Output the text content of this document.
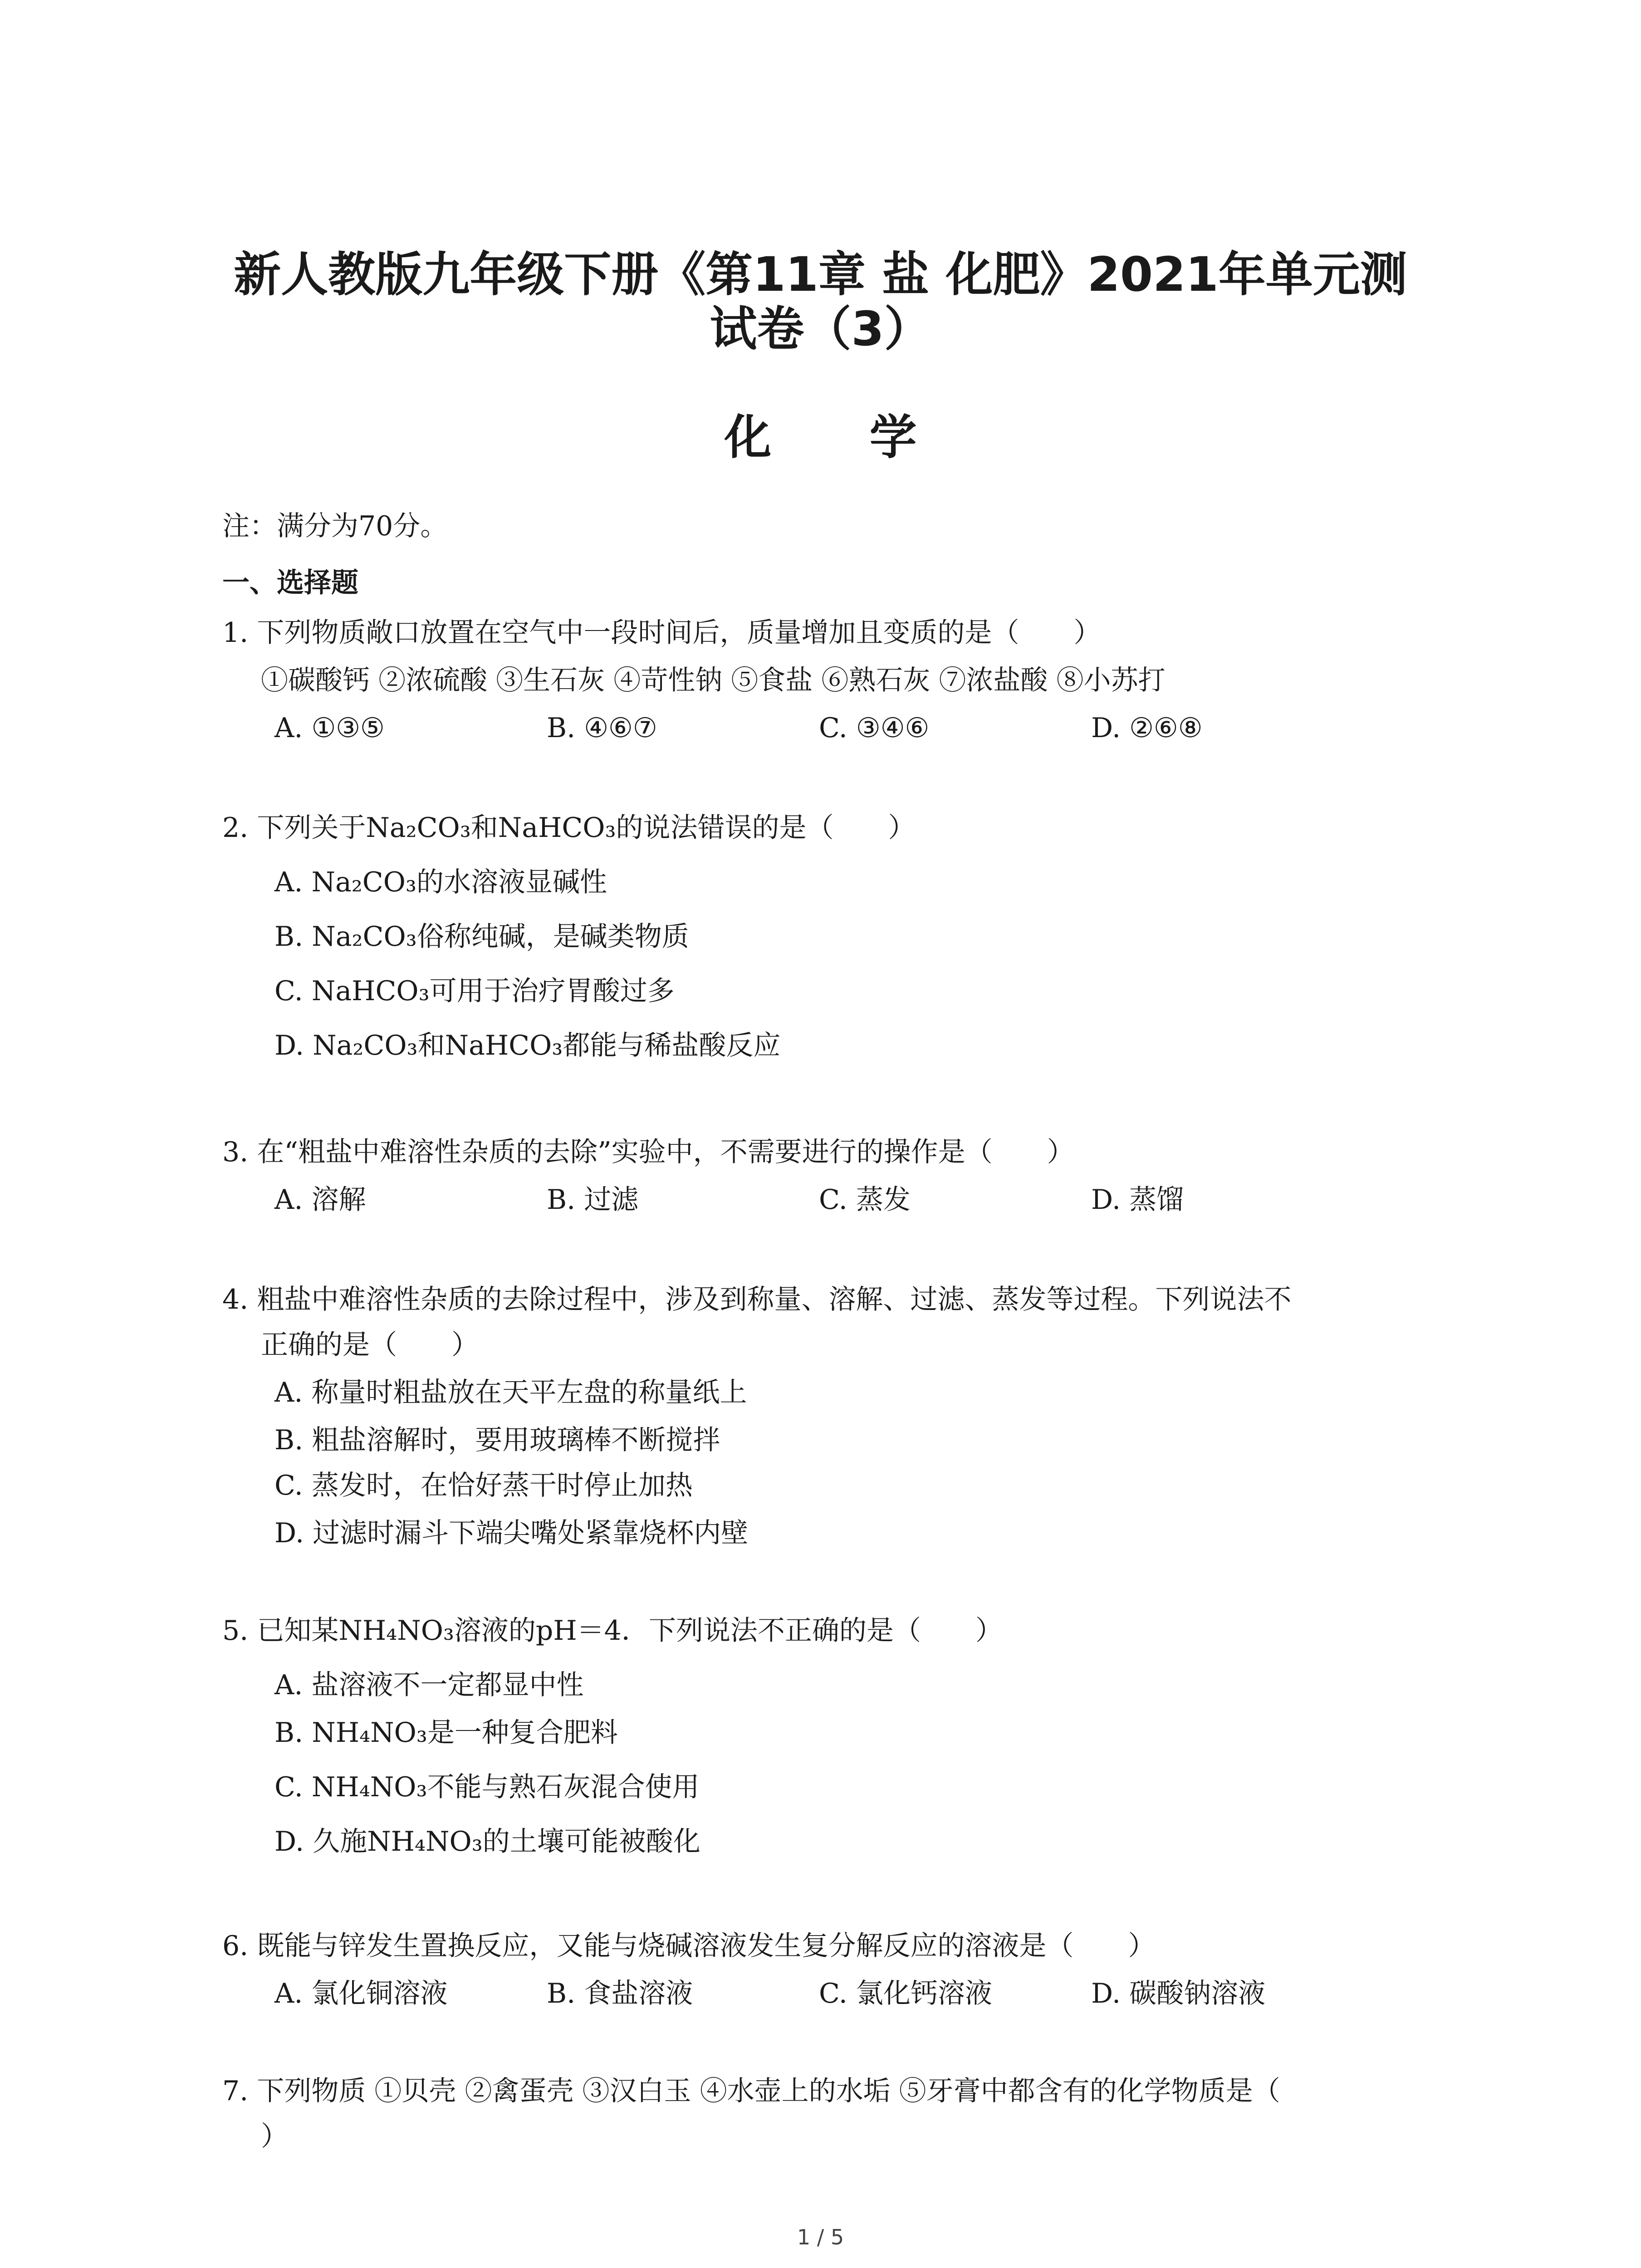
新人教版九年级下册《第11章 盐 化肥》2021年单元测
试卷（3）
化 学
注：满分为70分。
一、选择题
1. 下列物质敞口放置在空气中一段时间后，质量增加且变质的是（　　）
①碳酸钙 ②浓硫酸 ③生石灰 ④苛性钠 ⑤食盐 ⑥熟石灰 ⑦浓盐酸 ⑧小苏打
A. ①③⑤	B. ④⑥⑦	C. ③④⑥	D. ②⑥⑧
2. 下列关于Na₂CO₃和NaHCO₃的说法错误的是（　　）
A. Na₂CO₃的水溶液显碱性
B. Na₂CO₃俗称纯碱，是碱类物质
C. NaHCO₃可用于治疗胃酸过多
D. Na₂CO₃和NaHCO₃都能与稀盐酸反应
3. 在“粗盐中难溶性杂质的去除”实验中，不需要进行的操作是（　　）
A. 溶解	B. 过滤	C. 蒸发	D. 蒸馏
4. 粗盐中难溶性杂质的去除过程中，涉及到称量、溶解、过滤、蒸发等过程。下列说法不
正确的是（　　）
A. 称量时粗盐放在天平左盘的称量纸上
B. 粗盐溶解时，要用玻璃棒不断搅拌
C. 蒸发时，在恰好蒸干时停止加热
D. 过滤时漏斗下端尖嘴处紧靠烧杯内壁
5. 已知某NH₄NO₃溶液的pH＝4．下列说法不正确的是（　　）
A. 盐溶液不一定都显中性
B. NH₄NO₃是一种复合肥料
C. NH₄NO₃不能与熟石灰混合使用
D. 久施NH₄NO₃的土壤可能被酸化
6. 既能与锌发生置换反应，又能与烧碱溶液发生复分解反应的溶液是（　　）
A. 氯化铜溶液	B. 食盐溶液	C. 氯化钙溶液	D. 碳酸钠溶液
7. 下列物质 ①贝壳 ②禽蛋壳 ③汉白玉 ④水壶上的水垢 ⑤牙膏中都含有的化学物质是（
）
1 / 5
